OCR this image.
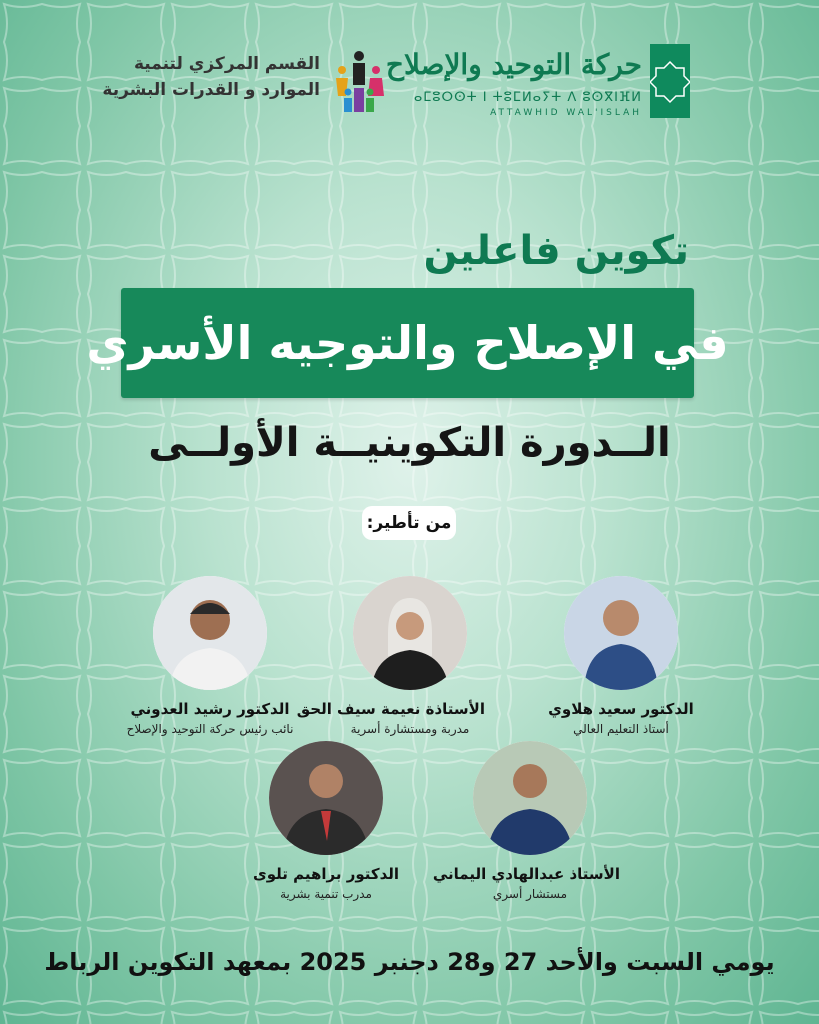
حركة التوحيد والإصلاح
ⴰⵎⵓⵔⵙⵜ ⵏ ⵜⵓⵎⵍⴰⵢⵜ ⴷ ⵓⵙⴳⵏⴼⵍ
ATTAWHID WAL'ISLAH
القسم المركزي لتنمية
الموارد و القدرات البشرية
تكوين فاعلين
في الإصلاح والتوجيه الأسري
الــدورة التكوينيــة الأولــى
من تأطير:
الدكتور سعيد هلاوي
أستاذ التعليم العالي
الأستاذة نعيمة سيف الحق
مدربة ومستشارة أسرية
الدكتور رشيد العدوني
نائب رئيس حركة التوحيد والإصلاح
الأستاذ عبدالهادي اليماني
مستشار أسري
الدكتور براهيم تلوى
مدرب تنمية بشرية
يومي السبت والأحد 27 و28 دجنبر 2025 بمعهد التكوين الرباط
